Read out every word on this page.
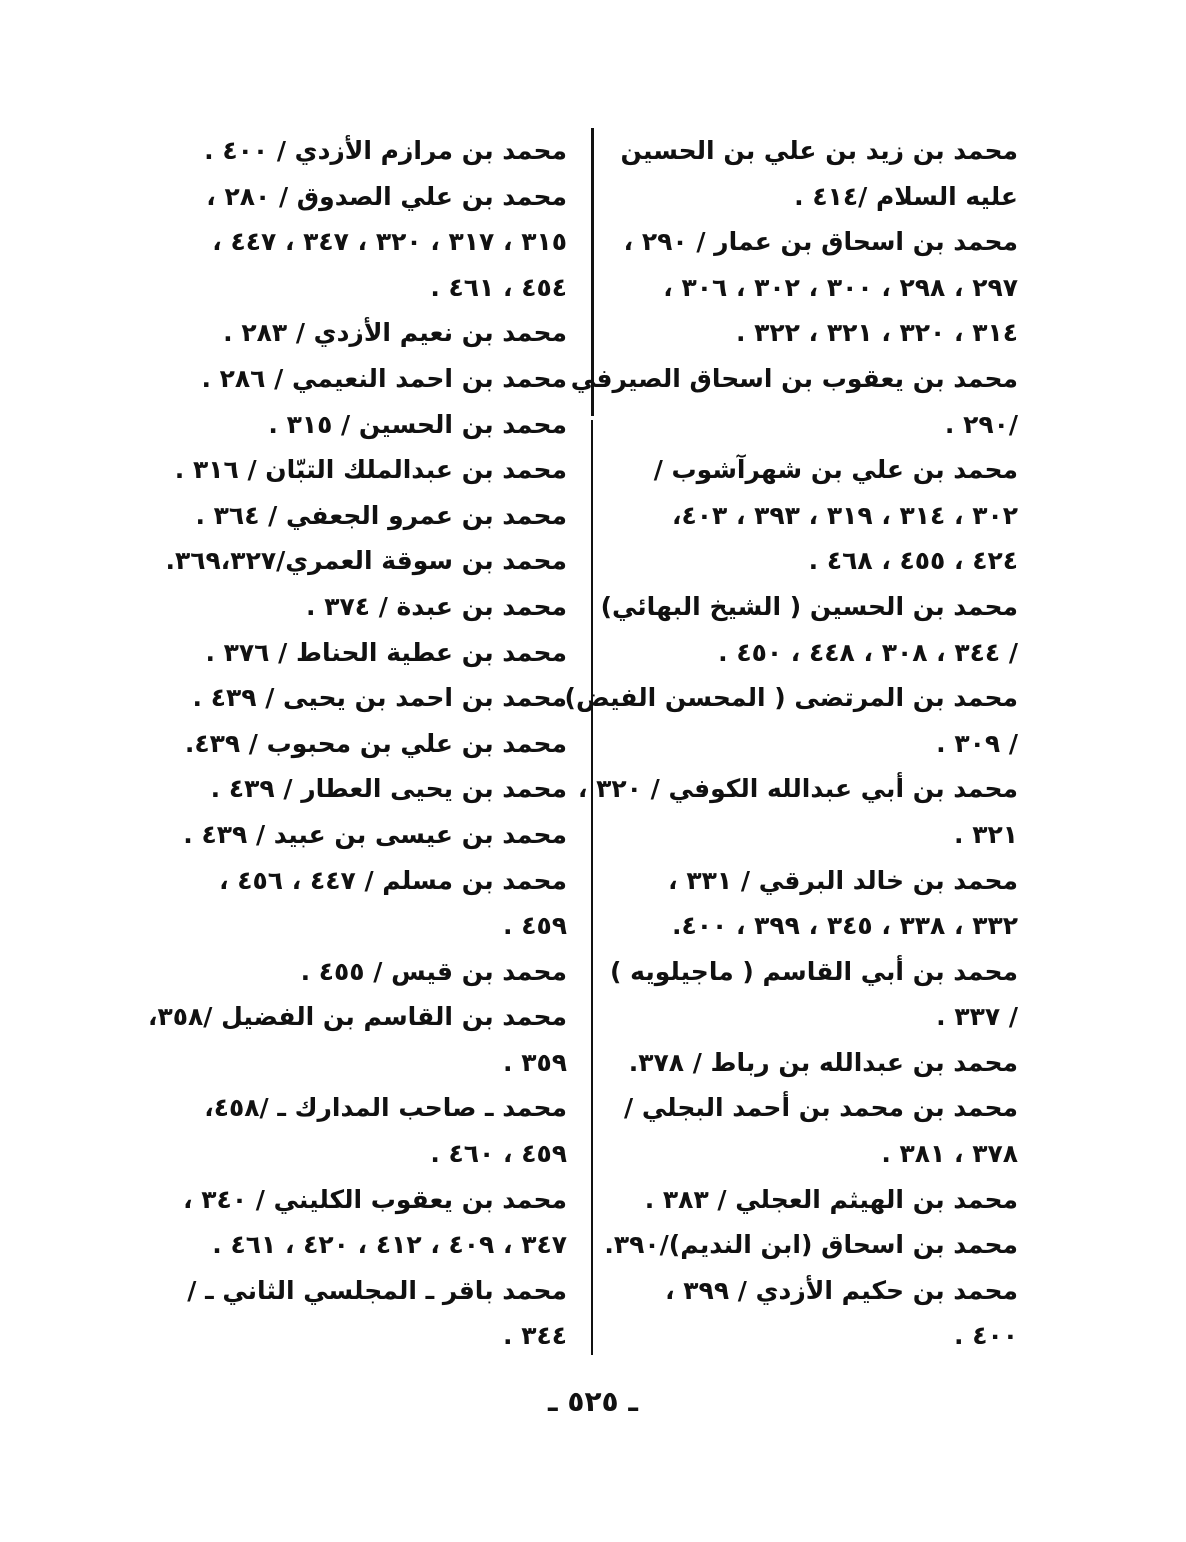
محمد بن زيد بن علي بن الحسين
عليه السلام /٤١٤ .
محمد بن اسحاق بن عمار / ٢٩٠ ،
٢٩٧ ، ٢٩٨ ، ٣٠٠ ، ٣٠٢ ، ٣٠٦ ،
٣١٤ ، ٣٢٠ ، ٣٢١ ، ٣٢٢ .
محمد بن يعقوب بن اسحاق الصيرفي
/٢٩٠ .
محمد بن علي بن شهرآشوب /
٣٠٢ ، ٣١٤ ، ٣١٩ ، ٣٩٣ ، ٤٠٣،
٤٢٤ ، ٤٥٥ ، ٤٦٨ .
محمد بن الحسين ( الشيخ البهائي)
/ ٣٤٤ ، ٣٠٨ ، ٤٤٨ ، ٤٥٠ .
محمد بن المرتضى ( المحسن الفيض)
/ ٣٠٩ .
محمد بن أبي عبدالله الكوفي / ٣٢٠ ،
٣٢١ .
محمد بن خالد البرقي / ٣٣١ ،
٣٣٢ ، ٣٣٨ ، ٣٤٥ ، ٣٩٩ ، ٤٠٠.
محمد بن أبي القاسم ( ماجيلويه )
/ ٣٣٧ .
محمد بن عبدالله بن رباط / ٣٧٨.
محمد بن محمد بن أحمد البجلي /
٣٧٨ ، ٣٨١ .
محمد بن الهيثم العجلي / ٣٨٣ .
محمد بن اسحاق (ابن النديم)/٣٩٠.
محمد بن حكيم الأزدي / ٣٩٩ ،
٤٠٠ .
محمد بن مرازم الأزدي / ٤٠٠ .
محمد بن علي الصدوق / ٢٨٠ ،
٣١٥ ، ٣١٧ ، ٣٢٠ ، ٣٤٧ ، ٤٤٧ ،
٤٥٤ ، ٤٦١ .
محمد بن نعيم الأزدي / ٢٨٣ .
محمد بن احمد النعيمي / ٢٨٦ .
محمد بن الحسين / ٣١٥ .
محمد بن عبدالملك التبّان / ٣١٦ .
محمد بن عمرو الجعفي / ٣٦٤ .
محمد بن سوقة العمري/٣٦٩،٣٢٧.
محمد بن عبدة / ٣٧٤ .
محمد بن عطية الحناط / ٣٧٦ .
محمد بن احمد بن يحيى / ٤٣٩ .
محمد بن علي بن محبوب / ٤٣٩.
محمد بن يحيى العطار / ٤٣٩ .
محمد بن عيسى بن عبيد / ٤٣٩ .
محمد بن مسلم / ٤٤٧ ، ٤٥٦ ،
٤٥٩ .
محمد بن قيس / ٤٥٥ .
محمد بن القاسم بن الفضيل /٣٥٨،
٣٥٩ .
محمد ـ صاحب المدارك ـ /٤٥٨،
٤٥٩ ، ٤٦٠ .
محمد بن يعقوب الكليني / ٣٤٠ ،
٣٤٧ ، ٤٠٩ ، ٤١٢ ، ٤٢٠ ، ٤٦١ .
محمد باقر ـ المجلسي الثاني ـ /
٣٤٤ .
ـ ٥٢٥ ـ
